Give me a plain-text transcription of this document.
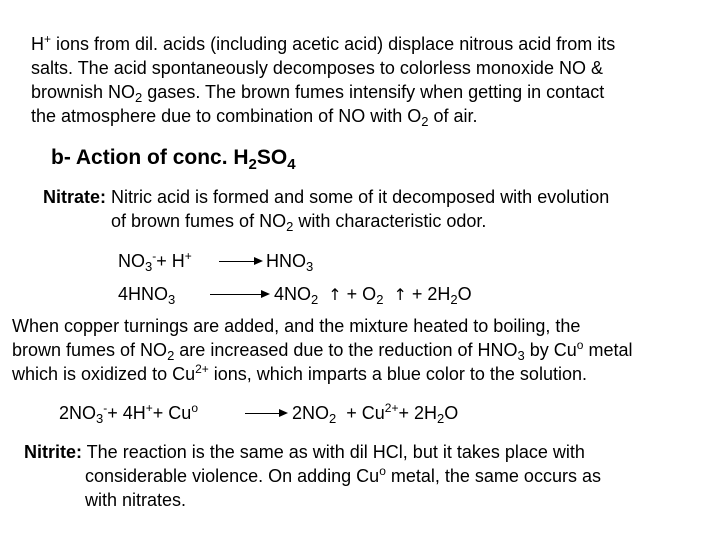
H+ ions from dil. acids (including acetic acid) displace nitrous acid from its
salts. The acid spontaneously decomposes to colorless monoxide NO &
brownish $NO_2$ gases. The brown fumes intensify when getting in contact
the atmosphere due to combination of NO with $O_2$ of air.
b- Action of conc. $H_2SO_4$
Nitrate: Nitric acid is formed and some of it decomposed with evolution
of brown fumes of $NO_2$ with characteristic odor.
$NO_3^-+ H^+ \to HNO_3$
$4HNO_3 \to 4NO_2$ ↑ + $O_2$ ↑ + $2H_2O$
When copper turnings are added, and the mixture heated to boiling, the
brown fumes of $NO_2$ are increased due to the reduction of $HNO_3$ by Cu$^o$ metal
which is oxidized to $Cu^{2+}$ ions, which imparts a blue color to the solution.
$2NO_3^-+ 4H^++ Cu^o$	→ $2NO_2 + Cu^{2+}+ 2H_2O$
Nitrite: The reaction is the same as with dil HCl, but it takes place with
considerable violence. On adding Cu$^o$ metal, the same occurs as
with nitrates.
